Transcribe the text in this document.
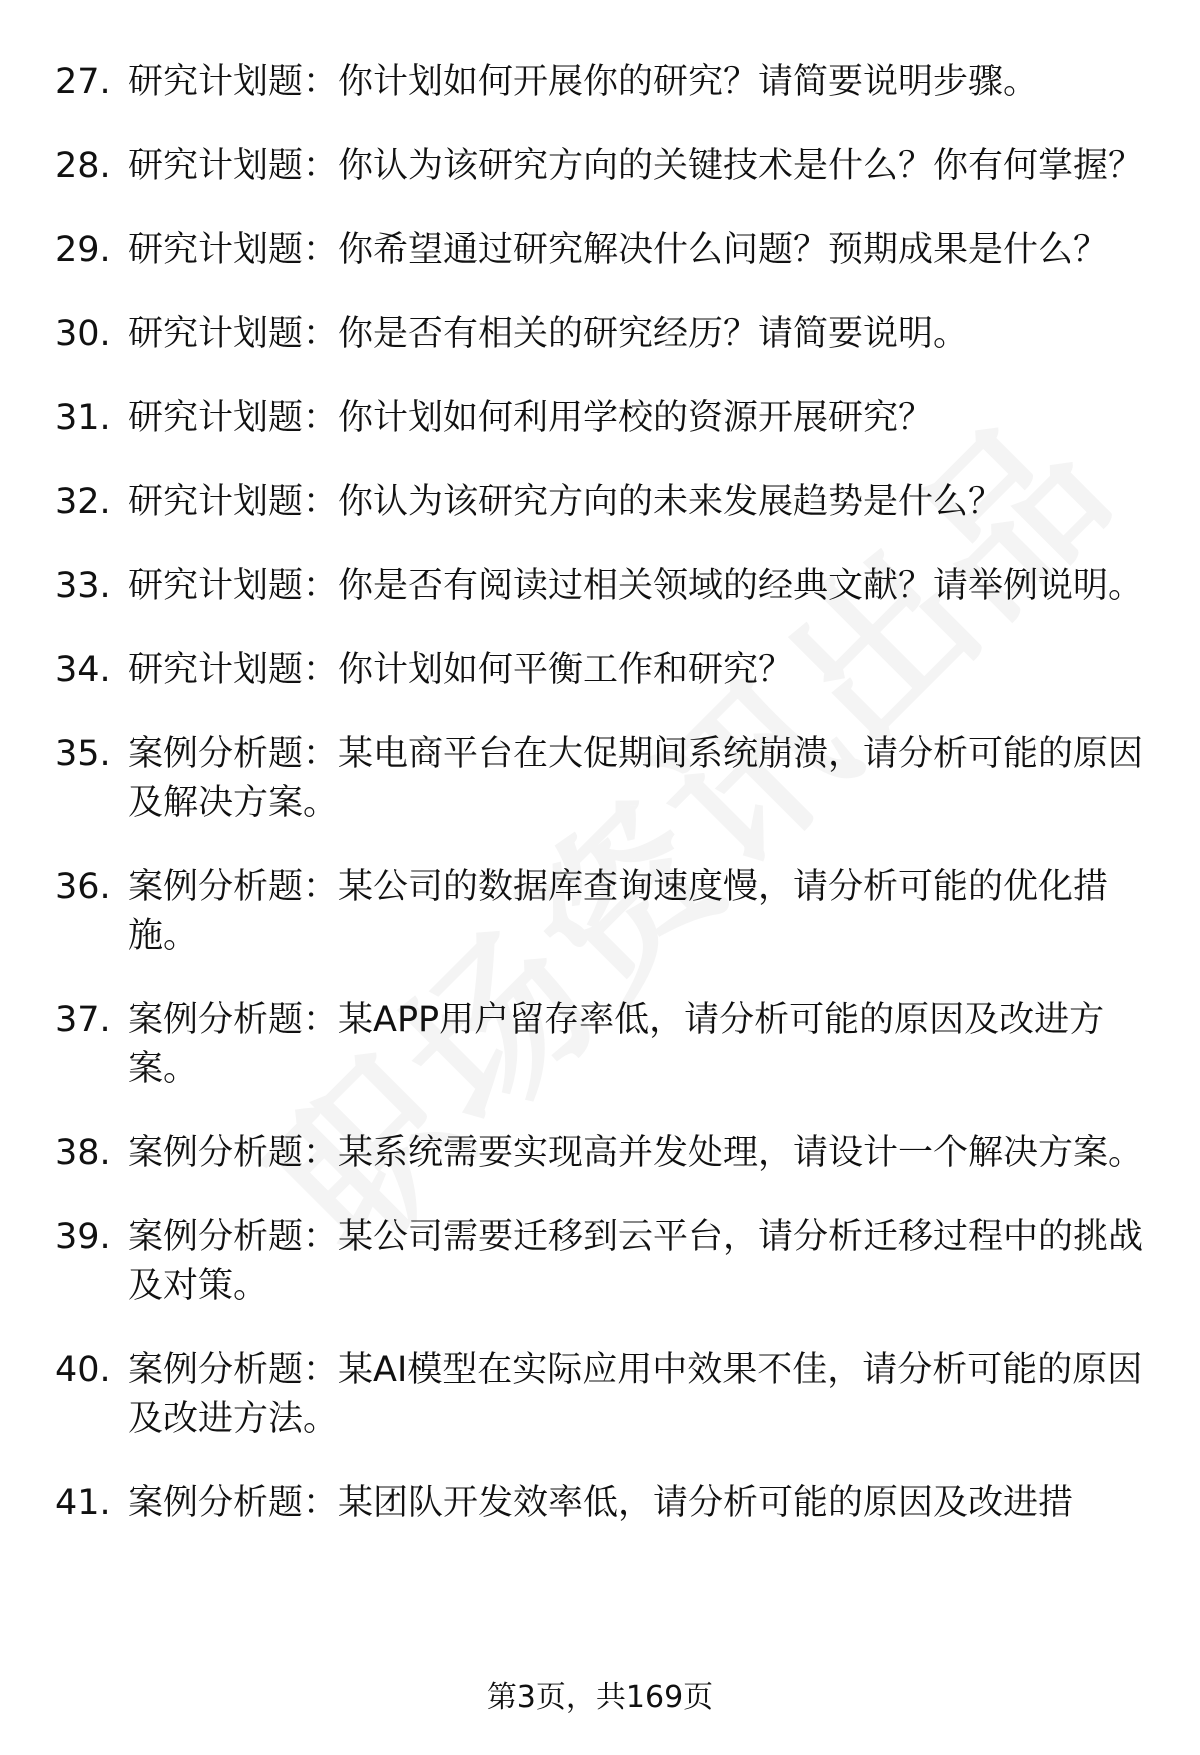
27. 研究计划题：你计划如何开展你的研究？请简要说明步骤。
28. 研究计划题：你认为该研究方向的关键技术是什么？你有何掌握？
29. 研究计划题：你希望通过研究解决什么问题？预期成果是什么？
30. 研究计划题：你是否有相关的研究经历？请简要说明。
31. 研究计划题：你计划如何利用学校的资源开展研究？
32. 研究计划题：你认为该研究方向的未来发展趋势是什么？
33. 研究计划题：你是否有阅读过相关领域的经典文献？请举例说明。
34. 研究计划题：你计划如何平衡工作和研究？
35. 案例分析题：某电商平台在大促期间系统崩溃，请分析可能的原因及解决方案。
36. 案例分析题：某公司的数据库查询速度慢，请分析可能的优化措施。
37. 案例分析题：某APP用户留存率低，请分析可能的原因及改进方案。
38. 案例分析题：某系统需要实现高并发处理，请设计一个解决方案。
39. 案例分析题：某公司需要迁移到云平台，请分析迁移过程中的挑战及对策。
40. 案例分析题：某AI模型在实际应用中效果不佳，请分析可能的原因及改进方法。
41. 案例分析题：某团队开发效率低，请分析可能的原因及改进措
第3页，共169页
